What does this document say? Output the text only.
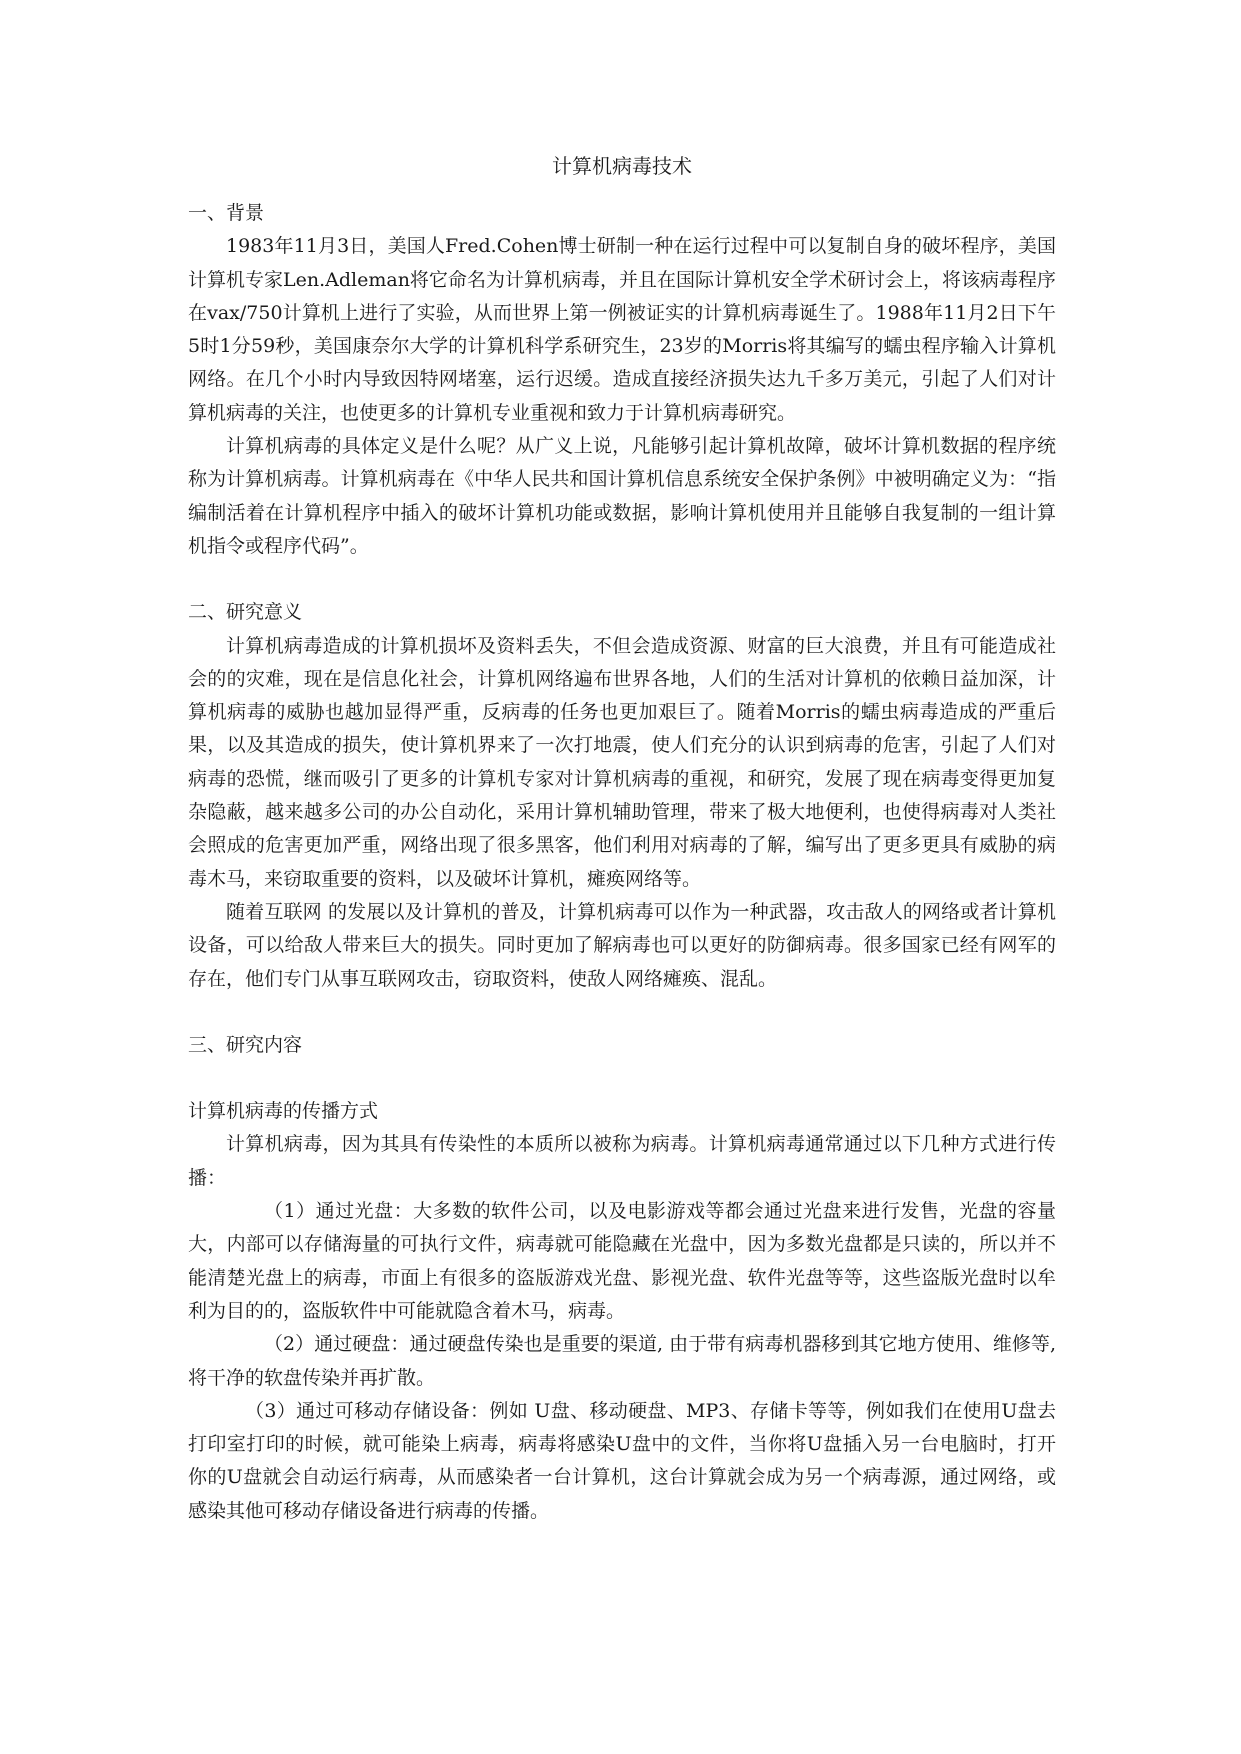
计算机病毒技术

一、背景

1983年11月3日，美国人Fred.Cohen博士研制一种在运行过程中可以复制自身的破坏程序，美国计算机专家Len.Adleman将它命名为计算机病毒，并且在国际计算机安全学术研讨会上，将该病毒程序在vax/750计算机上进行了实验，从而世界上第一例被证实的计算机病毒诞生了。1988年11月2日下午5时1分59秒，美国康奈尔大学的计算机科学系研究生，23岁的Morris将其编写的蠕虫程序输入计算机网络。在几个小时内导致因特网堵塞，运行迟缓。造成直接经济损失达九千多万美元，引起了人们对计算机病毒的关注，也使更多的计算机专业重视和致力于计算机病毒研究。

计算机病毒的具体定义是什么呢？从广义上说，凡能够引起计算机故障，破坏计算机数据的程序统称为计算机病毒。计算机病毒在《中华人民共和国计算机信息系统安全保护条例》中被明确定义为：“指编制活着在计算机程序中插入的破坏计算机功能或数据，影响计算机使用并且能够自我复制的一组计算机指令或程序代码”。

二、研究意义

计算机病毒造成的计算机损坏及资料丢失，不但会造成资源、财富的巨大浪费，并且有可能造成社会的的灾难，现在是信息化社会，计算机网络遍布世界各地，人们的生活对计算机的依赖日益加深，计算机病毒的威胁也越加显得严重，反病毒的任务也更加艰巨了。随着Morris的蠕虫病毒造成的严重后果，以及其造成的损失，使计算机界来了一次打地震，使人们充分的认识到病毒的危害，引起了人们对病毒的恐慌，继而吸引了更多的计算机专家对计算机病毒的重视，和研究，发展了现在病毒变得更加复杂隐蔽，越来越多公司的办公自动化，采用计算机辅助管理，带来了极大地便利，也使得病毒对人类社会照成的危害更加严重，网络出现了很多黑客，他们利用对病毒的了解，编写出了更多更具有威胁的病毒木马，来窃取重要的资料，以及破坏计算机，瘫痪网络等。

随着互联网 的发展以及计算机的普及，计算机病毒可以作为一种武器，攻击敌人的网络或者计算机设备，可以给敌人带来巨大的损失。同时更加了解病毒也可以更好的防御病毒。很多国家已经有网军的存在，他们专门从事互联网攻击，窃取资料，使敌人网络瘫痪、混乱。

三、研究内容

计算机病毒的传播方式

计算机病毒，因为其具有传染性的本质所以被称为病毒。计算机病毒通常通过以下几种方式进行传播：

（1）通过光盘：大多数的软件公司，以及电影游戏等都会通过光盘来进行发售，光盘的容量大，内部可以存储海量的可执行文件，病毒就可能隐藏在光盘中，因为多数光盘都是只读的，所以并不能清楚光盘上的病毒，市面上有很多的盗版游戏光盘、影视光盘、软件光盘等等，这些盗版光盘时以牟利为目的的，盗版软件中可能就隐含着木马，病毒。

（2）通过硬盘：通过硬盘传染也是重要的渠道, 由于带有病毒机器移到其它地方使用、维修等, 将干净的软盘传染并再扩散。

（3）通过可移动存储设备：例如 U盘、移动硬盘、MP3、存储卡等等，例如我们在使用U盘去打印室打印的时候，就可能染上病毒，病毒将感染U盘中的文件，当你将U盘插入另一台电脑时，打开你的U盘就会自动运行病毒，从而感染者一台计算机，这台计算就会成为另一个病毒源，通过网络，或感染其他可移动存储设备进行病毒的传播。
